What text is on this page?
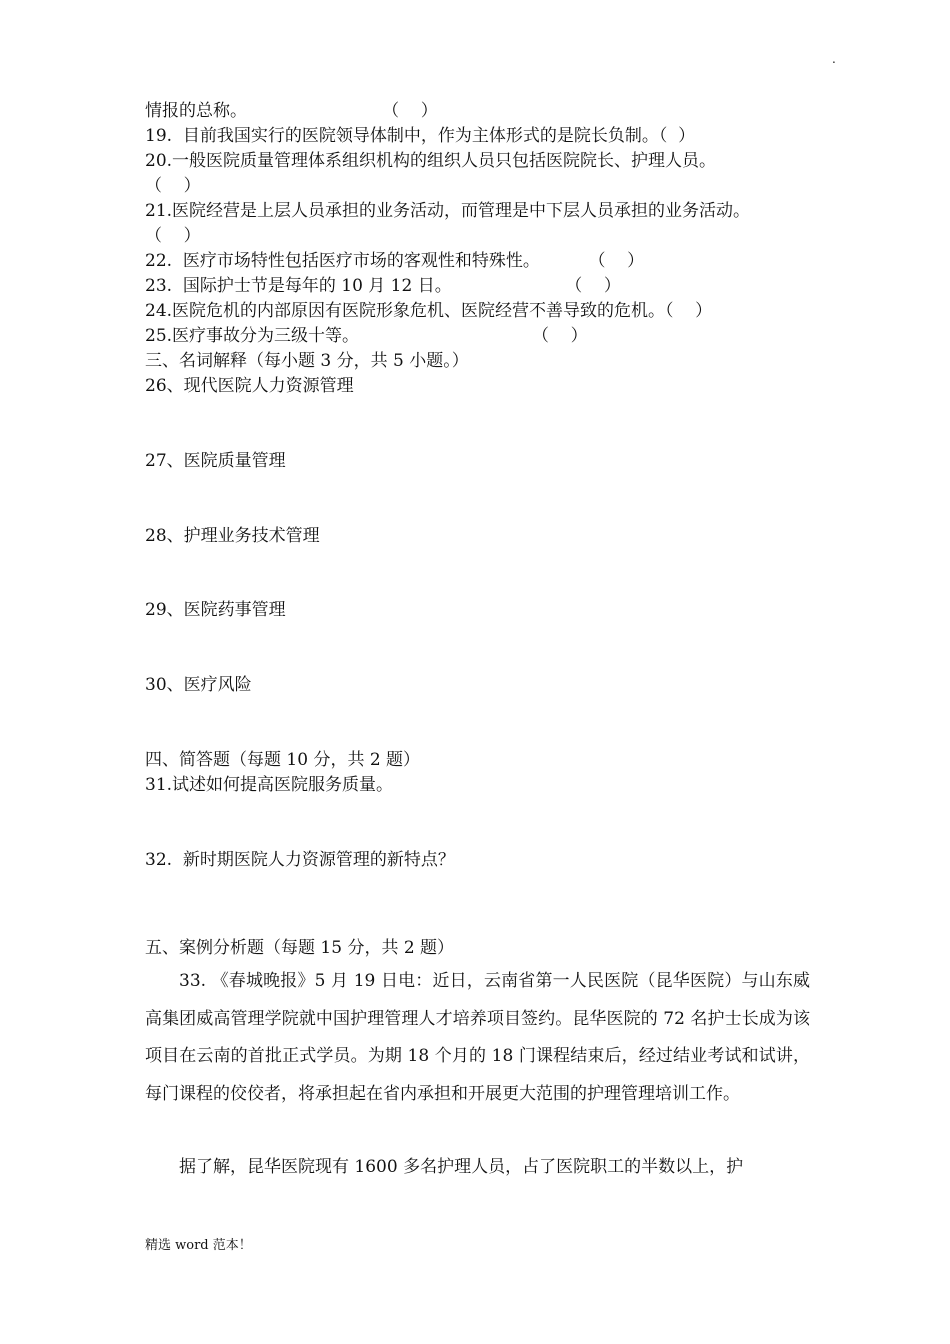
.
情报的总称。                         （    ）
19.  目前我国实行的医院领导体制中，作为主体形式的是院长负制。（  ）
20.一般医院质量管理体系组织机构的组织人员只包括医院院长、护理人员。
（    ）
21.医院经营是上层人员承担的业务活动，而管理是中下层人员承担的业务活动。
（    ）
22.  医疗市场特性包括医疗市场的客观性和特殊性。         （    ）
23.  国际护士节是每年的 10 月 12 日。                     （    ）
24.医院危机的内部原因有医院形象危机、医院经营不善导致的危机。（    ）
25.医疗事故分为三级十等。                                （    ）
三、名词解释（每小题 3 分，共 5 小题。）
26、现代医院人力资源管理
27、医院质量管理
28、护理业务技术管理
29、医院药事管理
30、医疗风险
四、简答题（每题 10 分，共 2 题）
31.试述如何提高医院服务质量。
32.  新时期医院人力资源管理的新特点？
五、案例分析题（每题 15 分，共 2 题）
33. 《春城晚报》5 月 19 日电：近日，云南省第一人民医院（昆华医院）与山东威高集团威高管理学院就中国护理管理人才培养项目签约。昆华医院的 72 名护士长成为该项目在云南的首批正式学员。为期 18 个月的 18 门课程结束后，经过结业考试和试讲，每门课程的佼佼者，将承担起在省内承担和开展更大范围的护理管理培训工作。
据了解，昆华医院现有 1600 多名护理人员，占了医院职工的半数以上，护
精选 word 范本！
